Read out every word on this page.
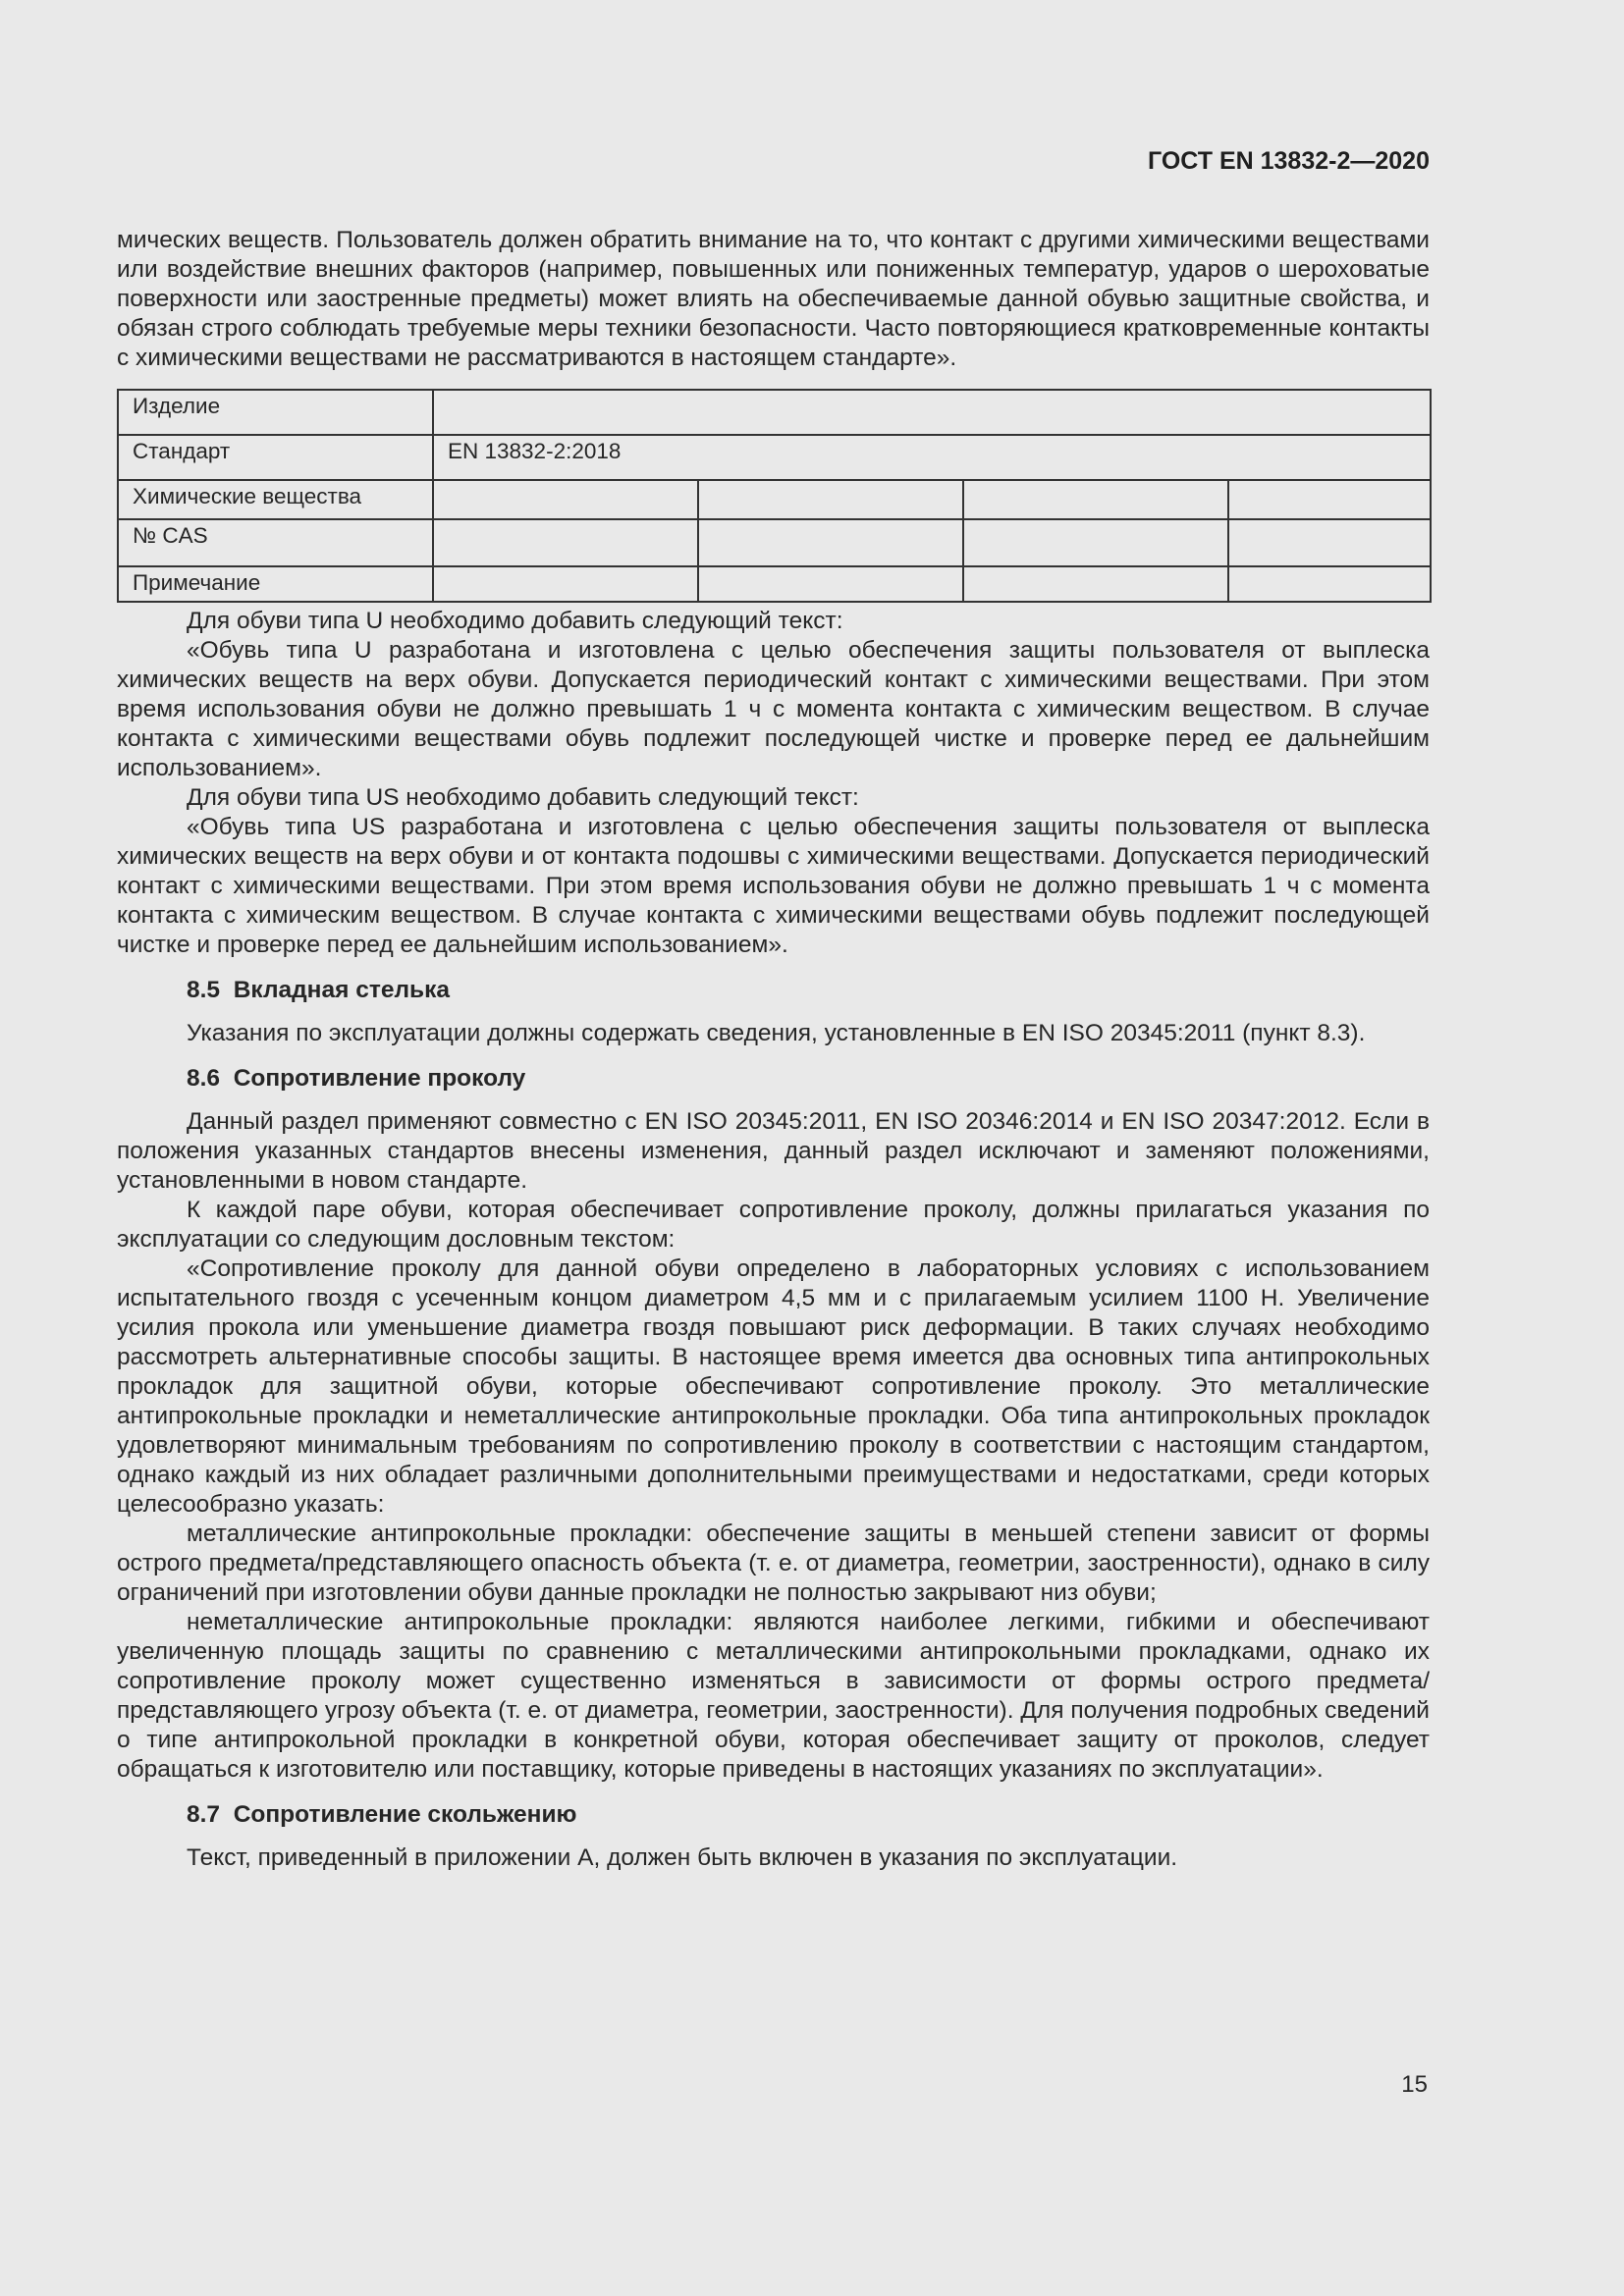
ГОСТ EN 13832-2—2020

мических веществ. Пользователь должен обратить внимание на то, что контакт с другими химическими веществами или воздействие внешних факторов (например, повышенных или пониженных температур, ударов о шероховатые поверхности или заостренные предметы) может влиять на обеспечиваемые данной обувью защитные свойства, и обязан строго соблюдать требуемые меры техники безопасности. Часто повторяющиеся кратковременные контакты с химическими веществами не рассматриваются в настоящем стандарте».

Изделие				
Стандарт	EN 13832-2:2018			
Химические вещества				
№ CAS				
Примечание				

Для обуви типа U необходимо добавить следующий текст:

«Обувь типа U разработана и изготовлена с целью обеспечения защиты пользователя от выплеска химических веществ на верх обуви. Допускается периодический контакт с химическими веществами. При этом время использования обуви не должно превышать 1 ч с момента контакта с химическим веществом. В случае контакта с химическими веществами обувь подлежит последующей чистке и проверке перед ее дальнейшим использованием».

Для обуви типа US необходимо добавить следующий текст:

«Обувь типа US разработана и изготовлена с целью обеспечения защиты пользователя от выплеска химических веществ на верх обуви и от контакта подошвы с химическими веществами. Допускается периодический контакт с химическими веществами. При этом время использования обуви не должно превышать 1 ч с момента контакта с химическим веществом. В случае контакта с химическими веществами обувь подлежит последующей чистке и проверке перед ее дальнейшим использованием».

8.5 Вкладная стелька

Указания по эксплуатации должны содержать сведения, установленные в EN ISO 20345:2011 (пункт 8.3).

8.6 Сопротивление проколу

Данный раздел применяют совместно с EN ISO 20345:2011, EN ISO 20346:2014 и EN ISO 20347:2012. Если в положения указанных стандартов внесены изменения, данный раздел исключают и заменяют положениями, установленными в новом стандарте.

К каждой паре обуви, которая обеспечивает сопротивление проколу, должны прилагаться указания по эксплуатации со следующим дословным текстом:

«Сопротивление проколу для данной обуви определено в лабораторных условиях с использованием испытательного гвоздя с усеченным концом диаметром 4,5 мм и с прилагаемым усилием 1100 Н. Увеличение усилия прокола или уменьшение диаметра гвоздя повышают риск деформации. В таких случаях необходимо рассмотреть альтернативные способы защиты. В настоящее время имеется два основных типа антипрокольных прокладок для защитной обуви, которые обеспечивают сопротивление проколу. Это металлические антипрокольные прокладки и неметаллические антипрокольные прокладки. Оба типа антипрокольных прокладок удовлетворяют минимальным требованиям по сопротивлению проколу в соответствии с настоящим стандартом, однако каждый из них обладает различными дополнительными преимуществами и недостатками, среди которых целесообразно указать:

металлические антипрокольные прокладки: обеспечение защиты в меньшей степени зависит от формы острого предмета/представляющего опасность объекта (т. е. от диаметра, геометрии, заостренности), однако в силу ограничений при изготовлении обуви данные прокладки не полностью закрывают низ обуви;

неметаллические антипрокольные прокладки: являются наиболее легкими, гибкими и обеспечивают увеличенную площадь защиты по сравнению с металлическими антипрокольными прокладками, однако их сопротивление проколу может существенно изменяться в зависимости от формы острого предмета/представляющего угрозу объекта (т. е. от диаметра, геометрии, заостренности). Для получения подробных сведений о типе антипрокольной прокладки в конкретной обуви, которая обеспечивает защиту от проколов, следует обращаться к изготовителю или поставщику, которые приведены в настоящих указаниях по эксплуатации».

8.7 Сопротивление скольжению

Текст, приведенный в приложении А, должен быть включен в указания по эксплуатации.

15
